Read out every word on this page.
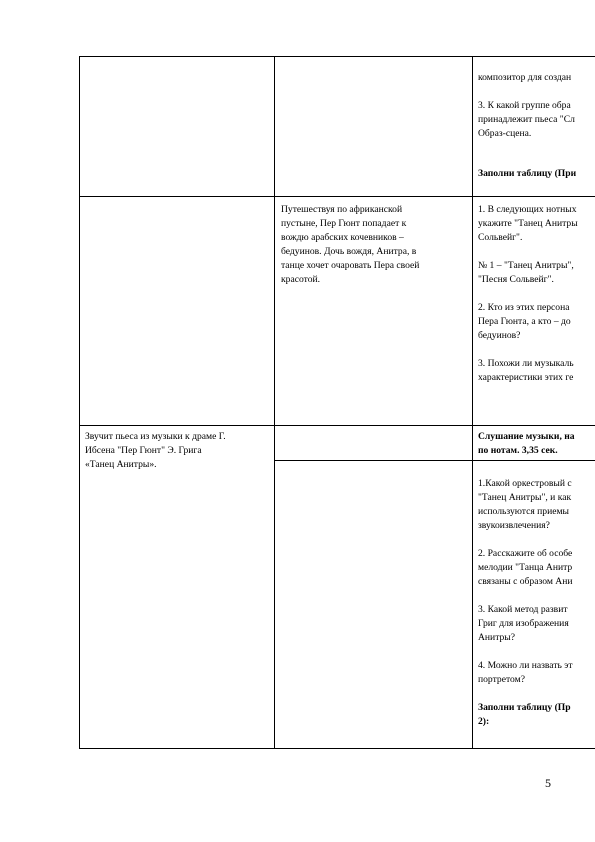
композитор для создан

3. К какой группе обра
принадлежит пьеса "Сл
Образ-сцена.

Заполни таблицу (При

Путешествуя по африканской
пустыне, Пер Гюнт попадает к
вождю арабских кочевников –
бедуинов. Дочь вождя, Анитра, в
танце хочет очаровать Пера своей
красотой.

1. В следующих нотных
укажите "Танец Анитры
Сольвейг".

№ 1 – "Танец Анитры",
"Песня Сольвейг".

2. Кто из этих персона
Пера Гюнта, а кто – до
бедуинов?

3. Похожи ли музыкаль
характеристики этих ге

Звучит пьеса из музыки к драме Г.
Ибсена "Пер Гюнт" Э. Грига
«Танец Анитры».

Слушание музыки, на
по нотам. 3,35 сек.

1.Какой оркестровый с
"Танец Анитры", и как
используются приемы
звукоизвлечения?

2. Расскажите об особе
мелодии "Танца Анитр
связаны с образом Ани

3. Какой метод развит
Григ для изображения
Анитры?

4. Можно ли назвать эт
портретом?

Заполни таблицу (Пр
2):

5
